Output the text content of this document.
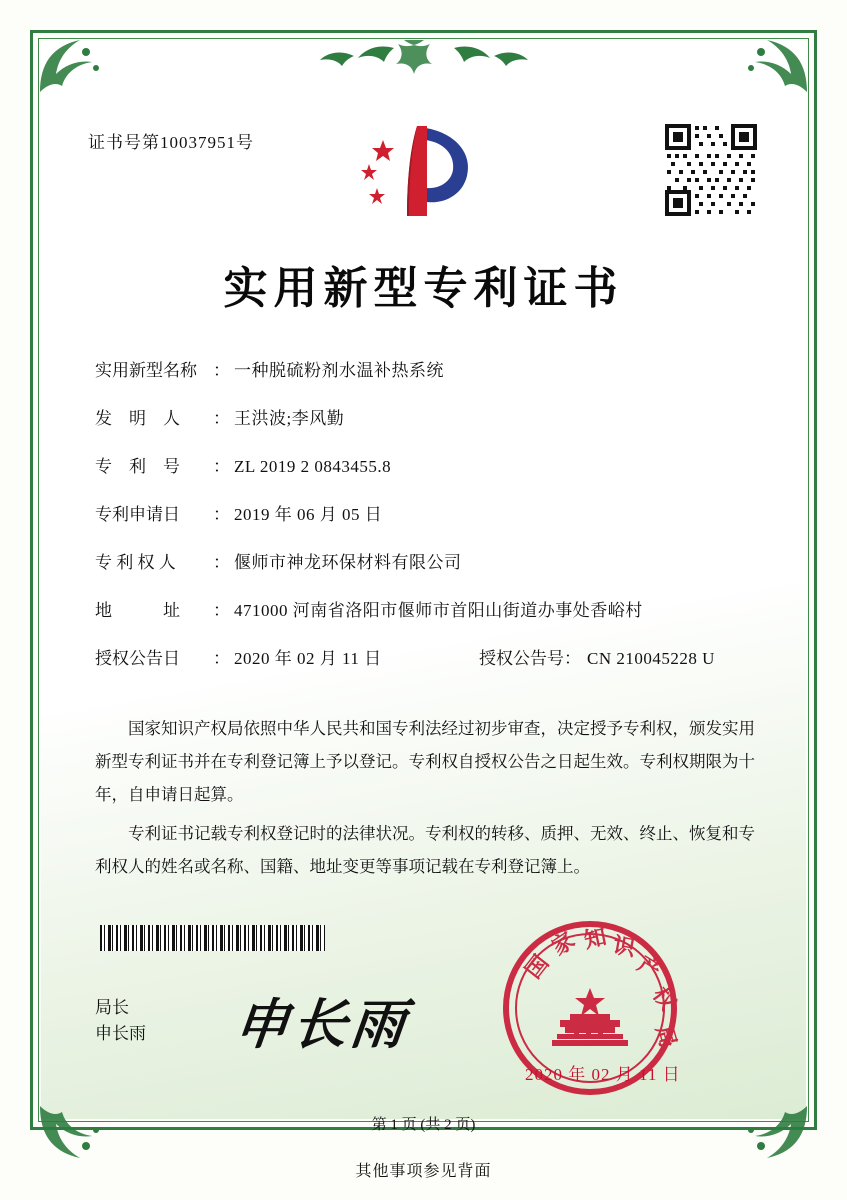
证书号第10037951号
实用新型专利证书
实用新型名称 ： 一种脱硫粉剂水温补热系统
发　明　人	： 王洪波;李风勤
专　利　号	： ZL 2019 2 0843455.8
专利申请日	： 2019 年 06 月 05 日
专 利 权 人	： 偃师市神龙环保材料有限公司
地　　　址	： 471000 河南省洛阳市偃师市首阳山街道办事处香峪村
授权公告日	： 2020 年 02 月 11 日	授权公告号： CN 210045228 U

国家知识产权局依照中华人民共和国专利法经过初步审查，决定授予专利权，颁发实用新型专利证书并在专利登记簿上予以登记。专利权自授权公告之日起生效。专利权期限为十年，自申请日起算。

专利证书记载专利权登记时的法律状况。专利权的转移、质押、无效、终止、恢复和专利权人的姓名或名称、国籍、地址变更等事项记载在专利登记簿上。

局长
申长雨 申长雨
国
家 知 识
产
权
局
2020 年 02 月 11 日
第 1 页 (共 2 页)
其他事项参见背面
